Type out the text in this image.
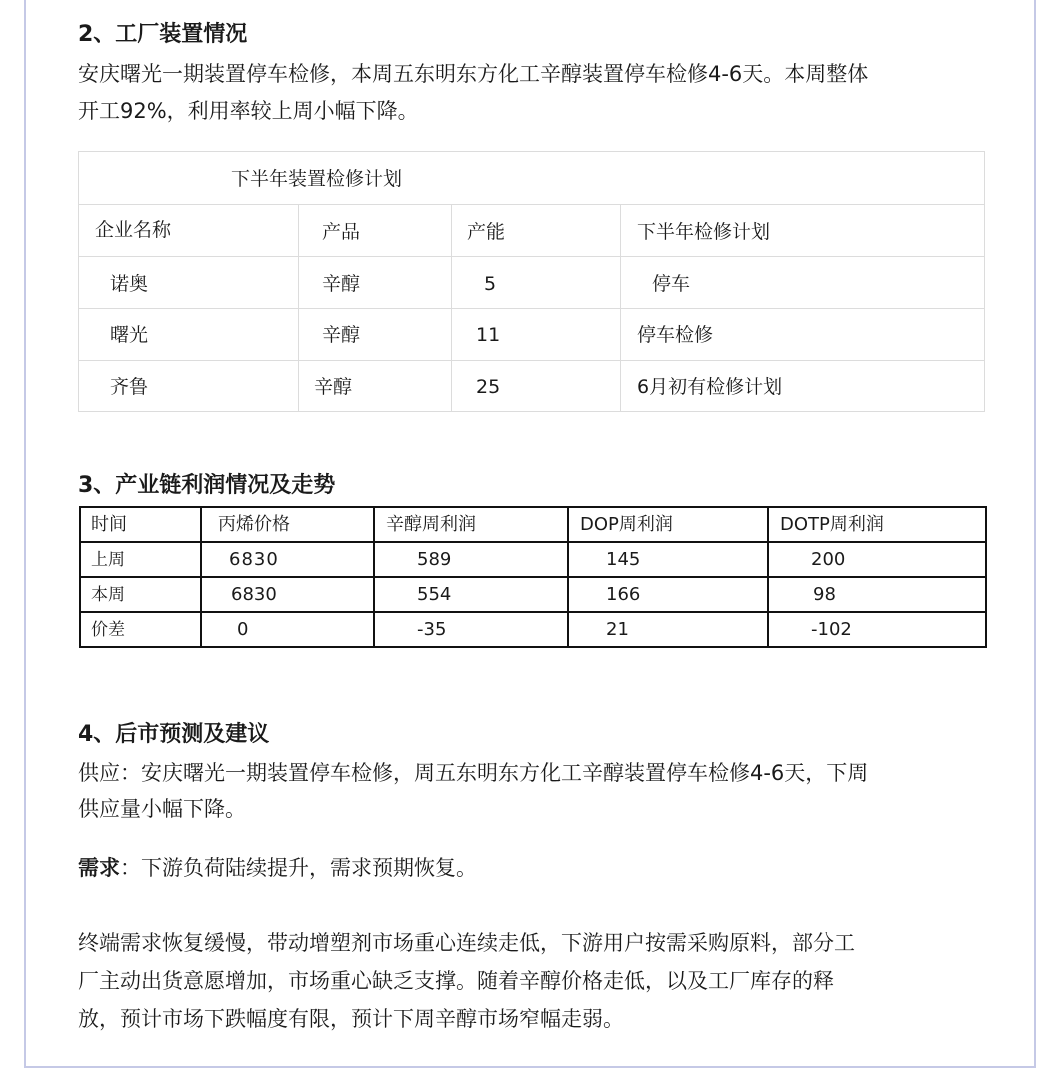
2、工厂装置情况

安庆曙光一期装置停车检修，本周五东明东方化工辛醇装置停车检修4-6天。本周整体

开工92%，利用率较上周小幅下降。

下半年装置检修计划
企业名称	产品	产能	下半年检修计划
诺奥	辛醇	5	停车
曙光	辛醇	11	停车检修
齐鲁	辛醇	25	6月初有检修计划
3、产业链利润情况及走势
时间	丙烯价格	辛醇周利润	DOP周利润	DOTP周利润
上周	6830	589	145	200
本周	6830	554	166	98
价差	0	-35	21	-102
4、后市预测及建议

供应：安庆曙光一期装置停车检修，周五东明东方化工辛醇装置停车检修4-6天，下周

供应量小幅下降。

需求：下游负荷陆续提升，需求预期恢复。

终端需求恢复缓慢，带动增塑剂市场重心连续走低，下游用户按需采购原料，部分工

厂主动出货意愿增加，市场重心缺乏支撑。随着辛醇价格走低，以及工厂库存的释

放，预计市场下跌幅度有限，预计下周辛醇市场窄幅走弱。
